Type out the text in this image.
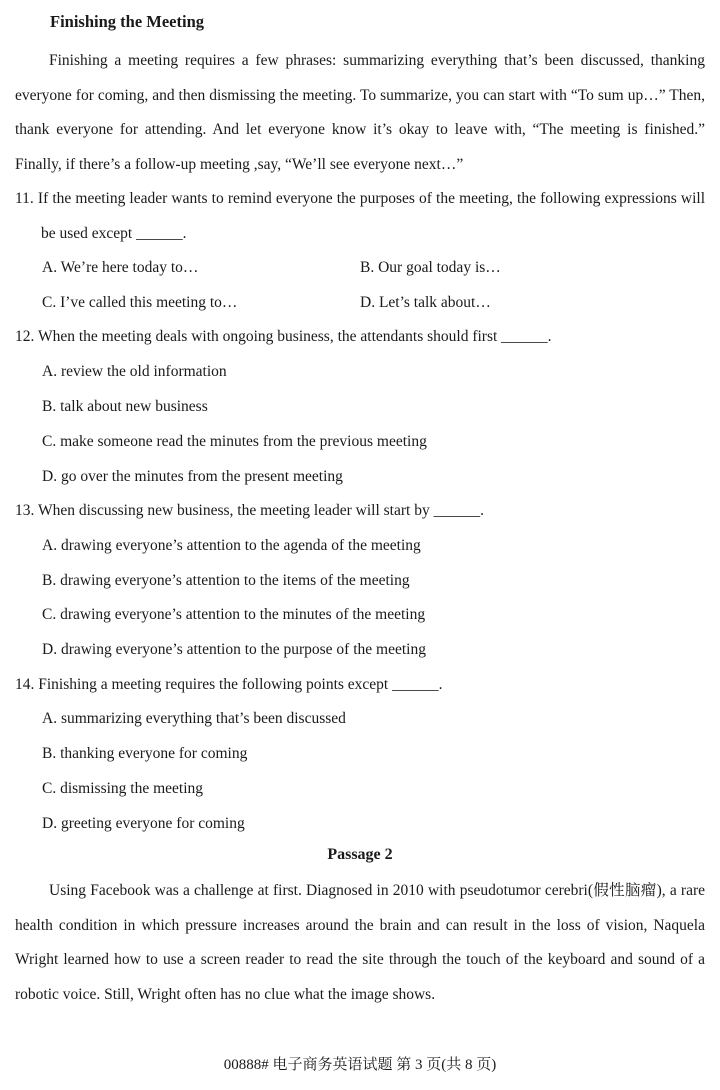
Finishing the Meeting
Finishing a meeting requires a few phrases: summarizing everything that’s been discussed, thanking everyone for coming, and then dismissing the meeting. To summarize, you can start with “To sum up…” Then, thank everyone for attending. And let everyone know it’s okay to leave with, “The meeting is finished.” Finally, if there’s a follow-up meeting ,say, “We’ll see everyone next…”
11. If the meeting leader wants to remind everyone the purposes of the meeting, the following expressions will be used except ______.
A. We’re here today to…	B. Our goal today is…
C. I’ve called this meeting to…	D. Let’s talk about…
12. When the meeting deals with ongoing business, the attendants should first ______.
A. review the old information
B. talk about new business
C. make someone read the minutes from the previous meeting
D. go over the minutes from the present meeting
13. When discussing new business, the meeting leader will start by ______.
A. drawing everyone’s attention to the agenda of the meeting
B. drawing everyone’s attention to the items of the meeting
C. drawing everyone’s attention to the minutes of the meeting
D. drawing everyone’s attention to the purpose of the meeting
14. Finishing a meeting requires the following points except ______.
A. summarizing everything that’s been discussed
B. thanking everyone for coming
C. dismissing the meeting
D. greeting everyone for coming
Passage 2
Using Facebook was a challenge at first. Diagnosed in 2010 with pseudotumor cerebri(假性脑瘤), a rare health condition in which pressure increases around the brain and can result in the loss of vision, Naquela Wright learned how to use a screen reader to read the site through the touch of the keyboard and sound of a robotic voice. Still, Wright often has no clue what the image shows.
00888# 电子商务英语试题 第 3 页(共 8 页)
